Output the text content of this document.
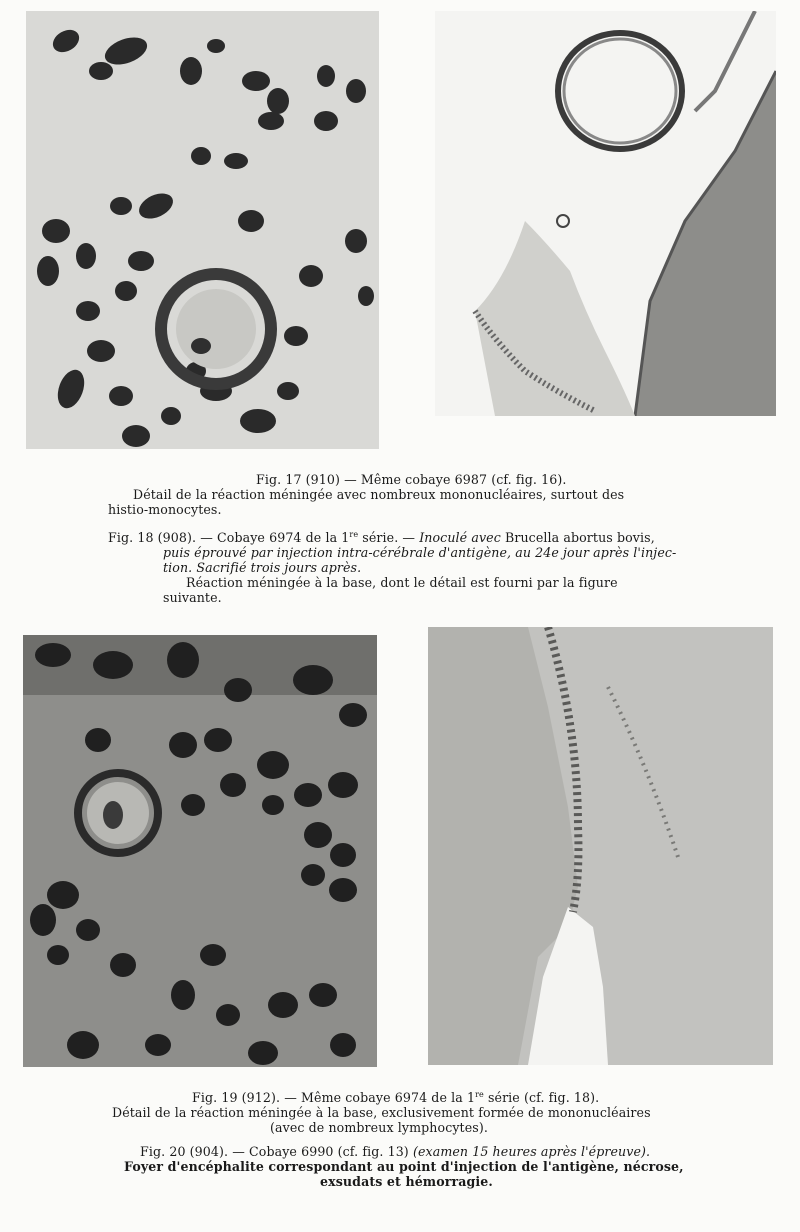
Fig. 17 (910) — Même cobaye 6987 (cf. fig. 16).

Détail de la réaction méningée avec nombreux mononucléaires, surtout des

histio-monocytes.

Fig. 18 (908). — Cobaye 6974 de la 1re série. — Inoculé avec Brucella abortus bovis,

puis éprouvé par injection intra-cérébrale d'antigène, au 24e jour après l'injec-

tion. Sacrifié trois jours après.

Réaction méningée à la base, dont le détail est fourni par la figure

suivante.

Fig. 19 (912). — Même cobaye 6974 de la 1re série (cf. fig. 18).

Détail de la réaction méningée à la base, exclusivement formée de mononucléaires

(avec de nombreux lymphocytes).

Fig. 20 (904). — Cobaye 6990 (cf. fig. 13) (examen 15 heures après l'épreuve).

Foyer d'encéphalite correspondant au point d'injection de l'antigène, nécrose,

exsudats et hémorragie.
